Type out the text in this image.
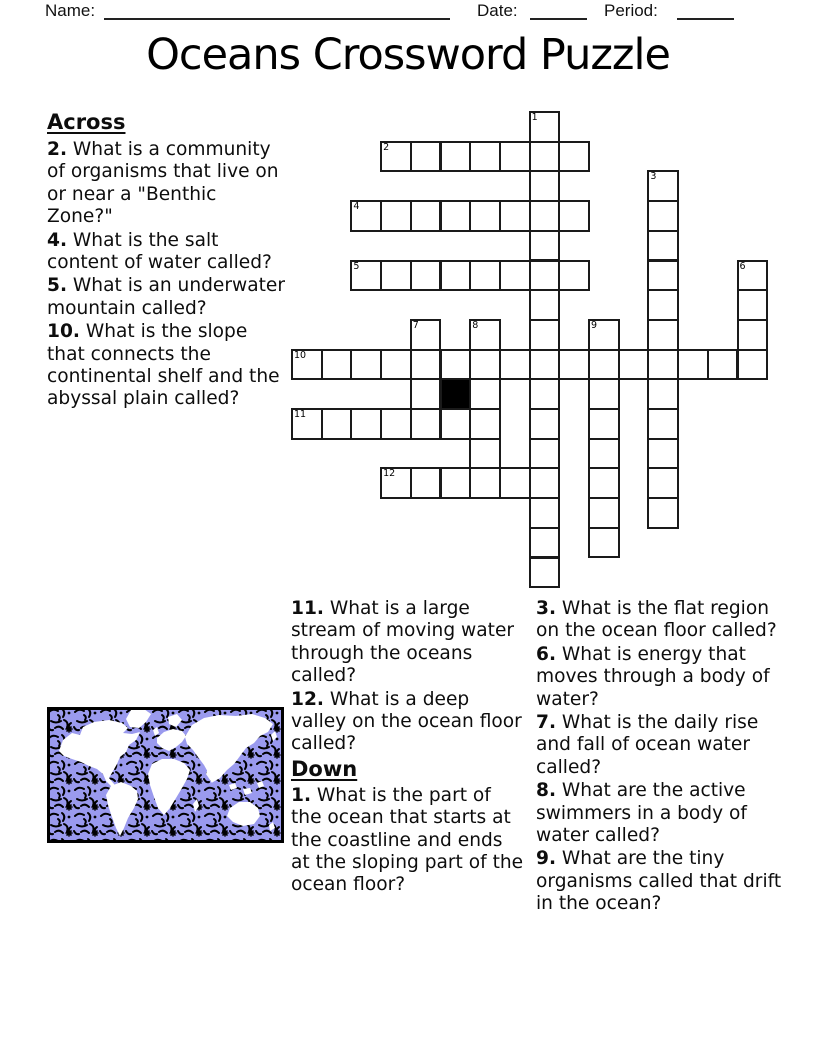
Name:	Date:	Period:
Oceans Crossword Puzzle
Across

2. What is a community of organisms that live on or near a "Benthic Zone?"

4. What is the salt content of water called?

5. What is an underwater mountain called?

10. What is the slope that connects the continental shelf and the abyssal plain called?

1
2
3
4
5	6
7	8	9
10
11
12

11. What is a large stream of moving water through the oceans called?

12. What is a deep valley on the ocean floor called?

Down

1. What is the part of the ocean that starts at the coastline and ends at the sloping part of the ocean floor?

3. What is the flat region on the ocean floor called?

6. What is energy that moves through a body of water?

7. What is the daily rise and fall of ocean water called?

8. What are the active swimmers in a body of water called?

9. What are the tiny organisms called that drift in the ocean?
